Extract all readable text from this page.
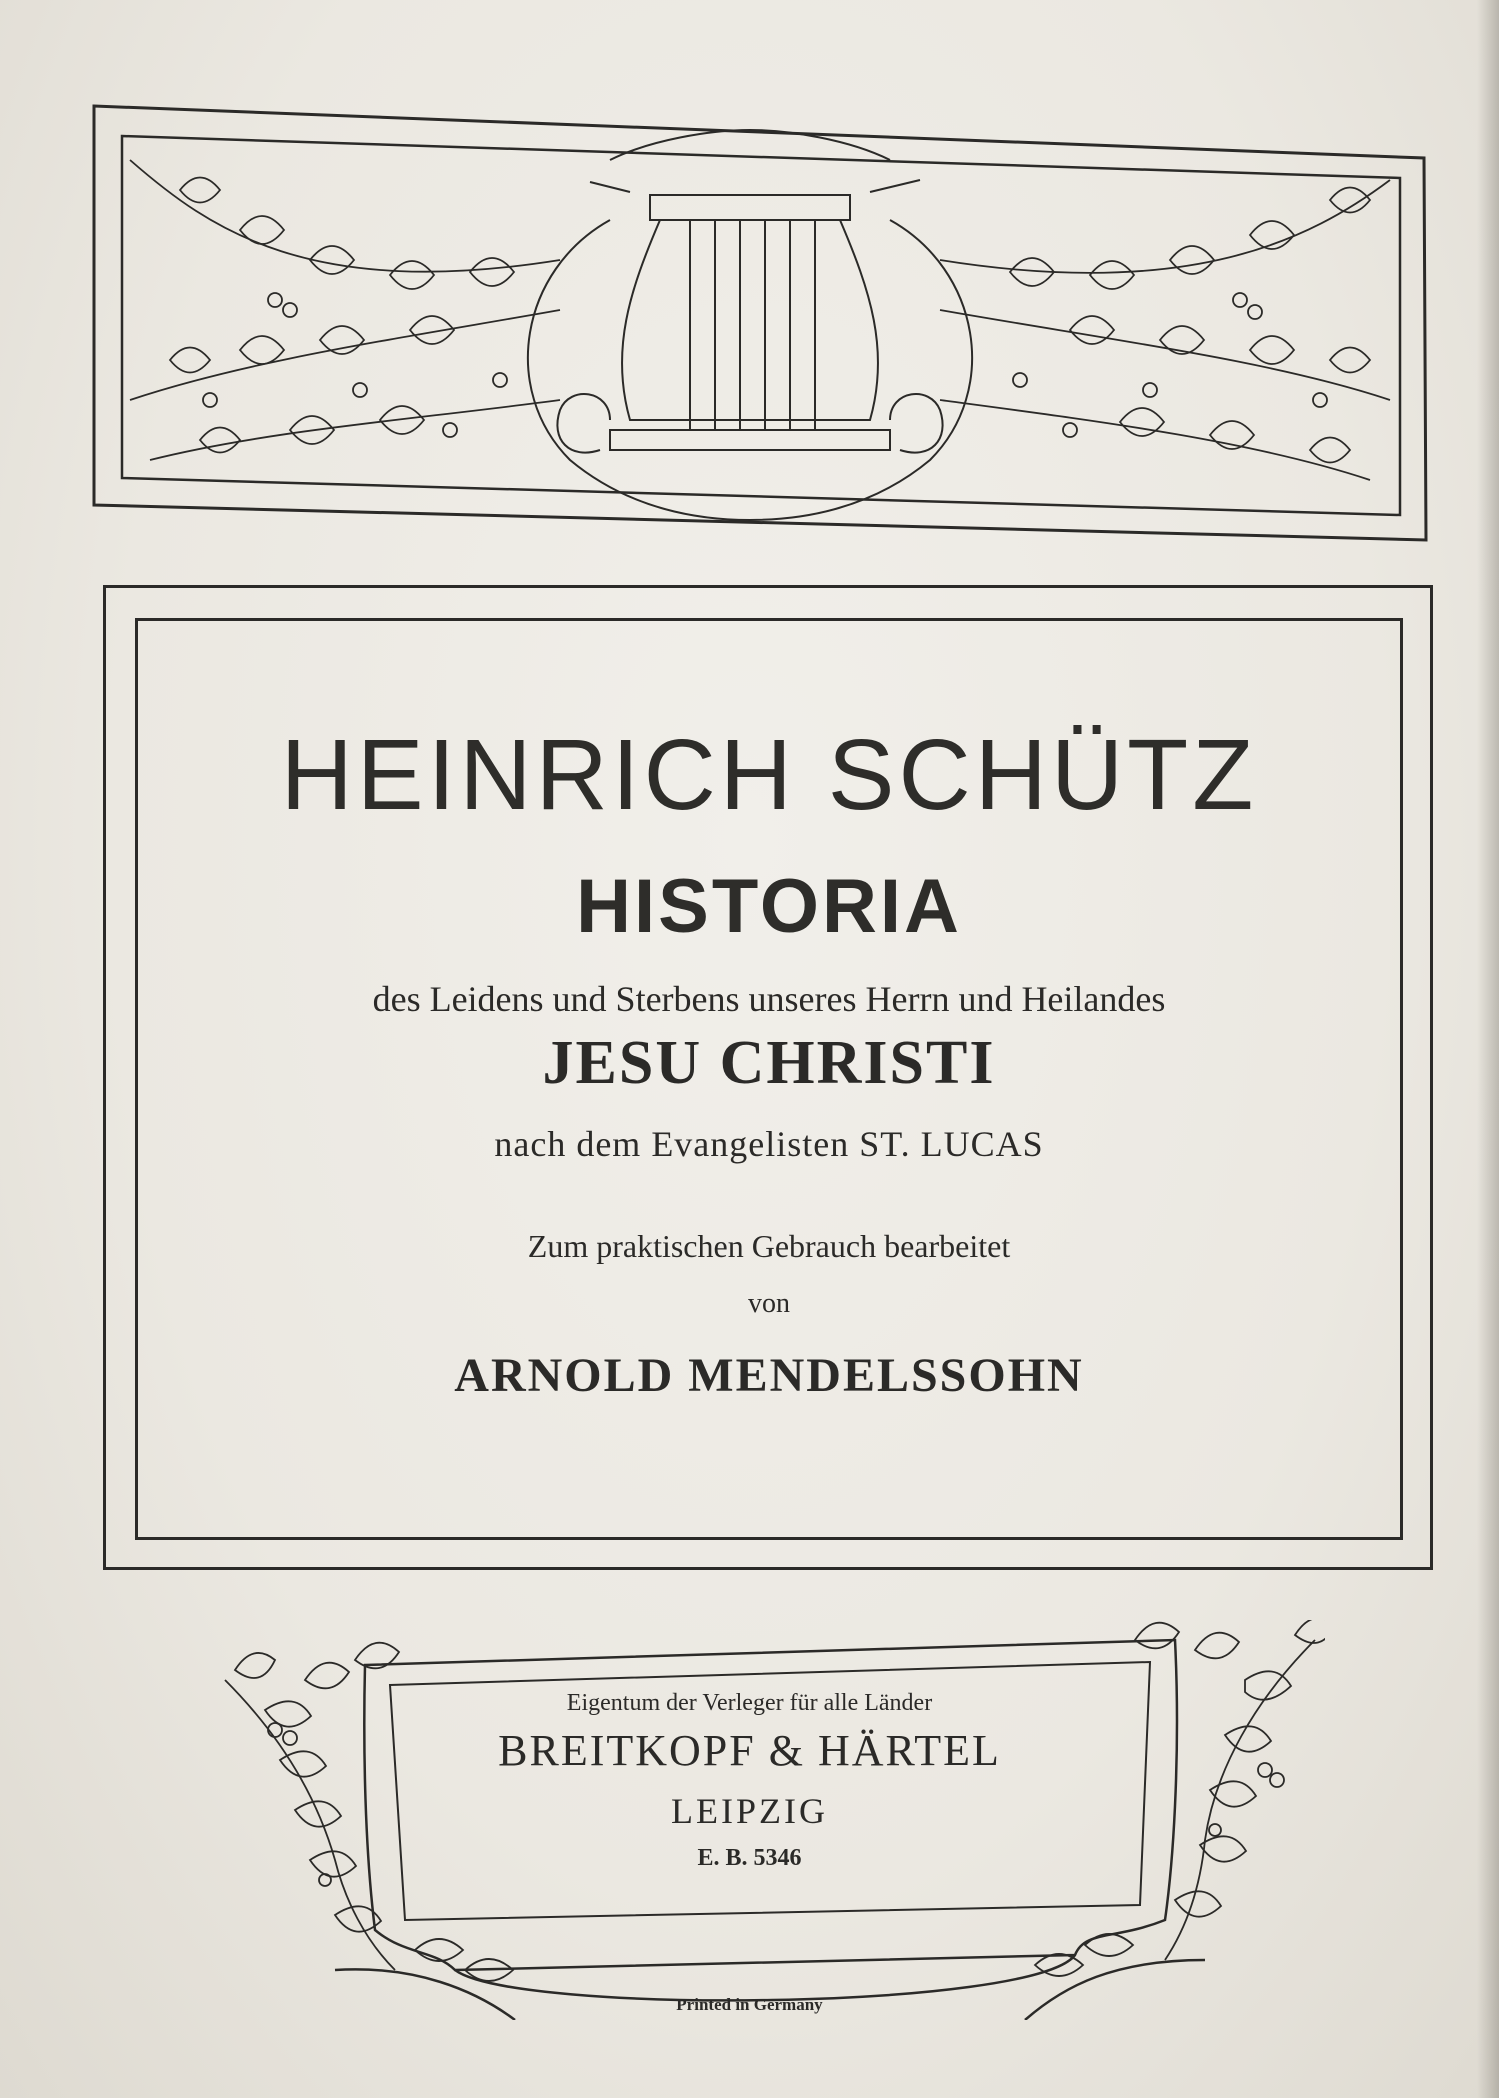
HEINRICH SCHÜTZ
HISTORIA
des Leidens und Sterbens unseres Herrn und Heilandes
JESU CHRISTI
nach dem Evangelisten ST. LUCAS
Zum praktischen Gebrauch bearbeitet
von
ARNOLD MENDELSSOHN
Eigentum der Verleger für alle Länder
BREITKOPF & HÄRTEL
LEIPZIG
E. B. 5346
Printed in Germany
